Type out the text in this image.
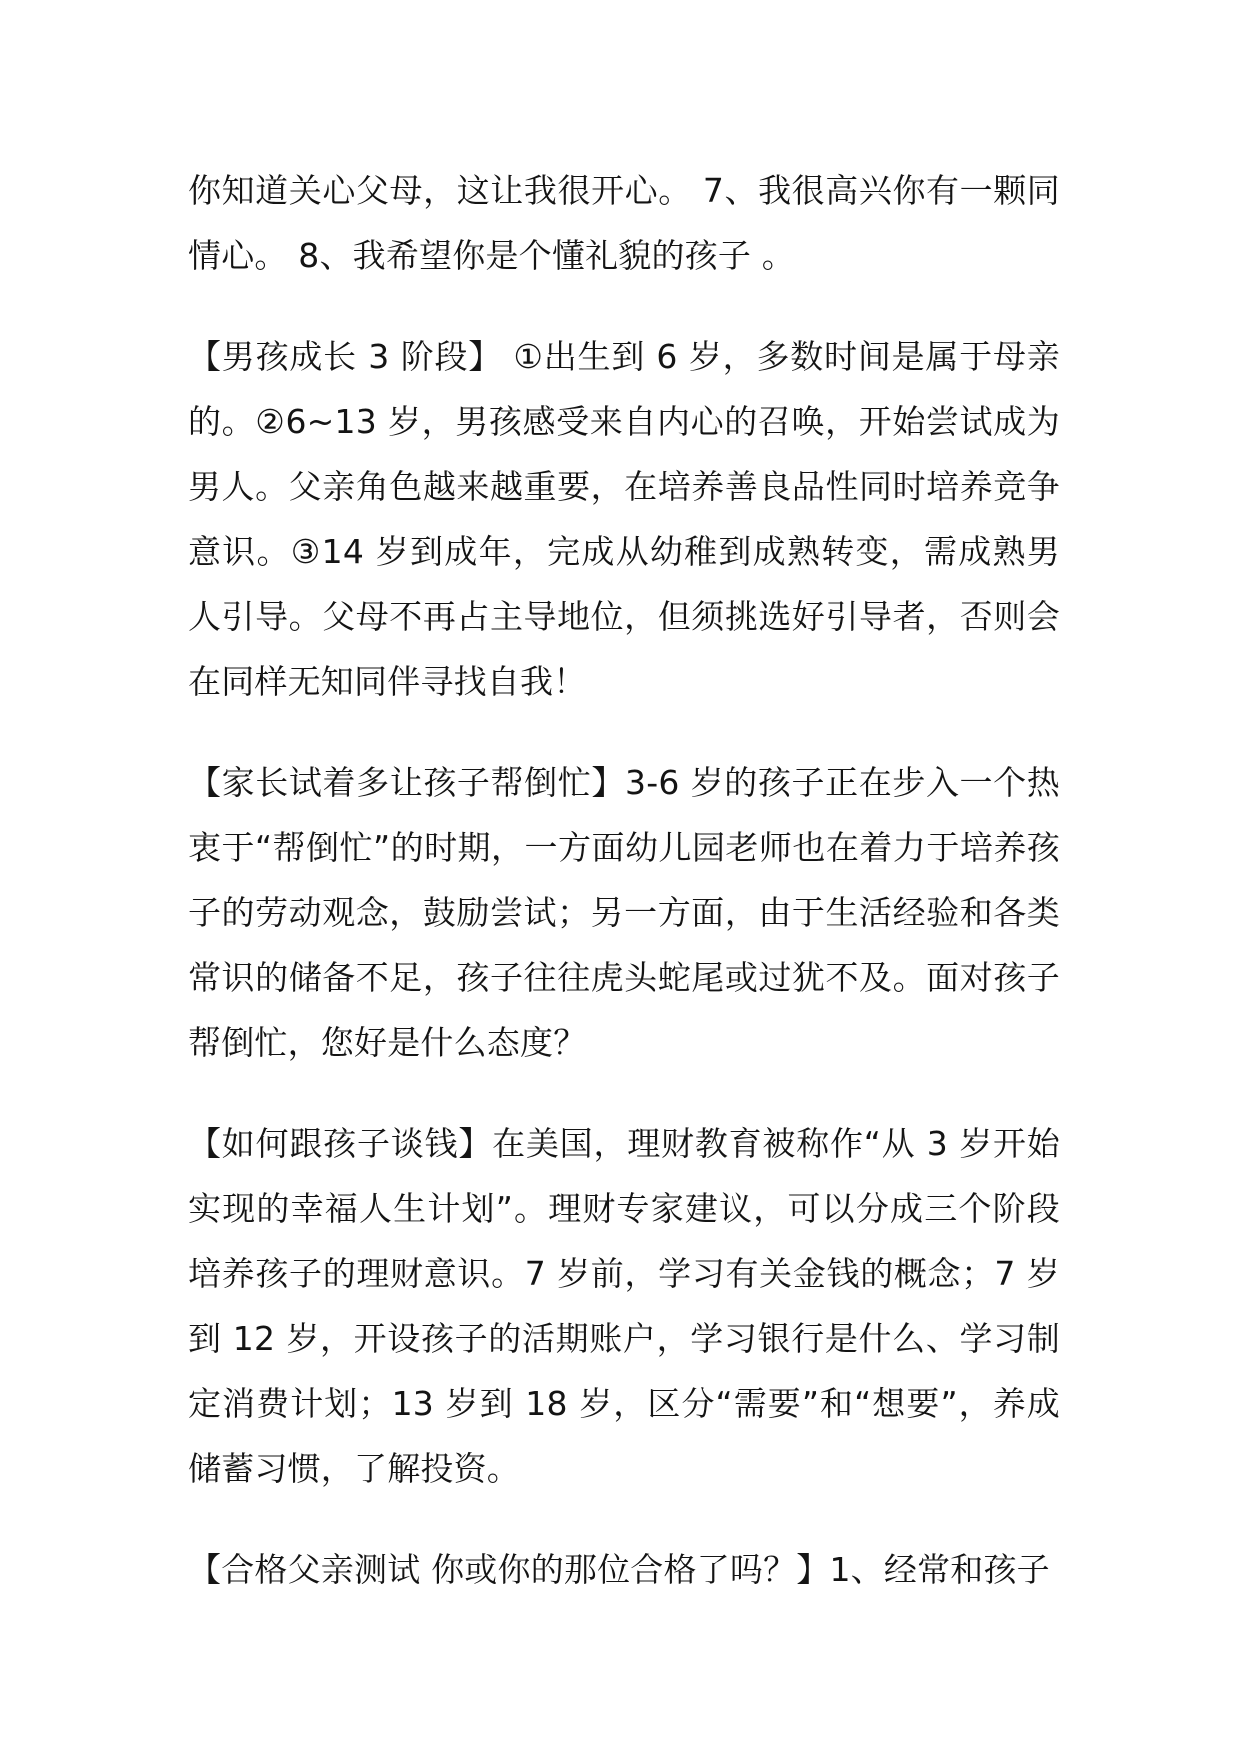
你知道关心父母，这让我很开心。 7、我很高兴你有一颗同情心。 8、我希望你是个懂礼貌的孩子 。

【男孩成长 3 阶段】 ①出生到 6 岁，多数时间是属于母亲的。②6~13 岁，男孩感受来自内心的召唤，开始尝试成为男人。父亲角色越来越重要，在培养善良品性同时培养竞争意识。③14 岁到成年，完成从幼稚到成熟转变，需成熟男人引导。父母不再占主导地位，但须挑选好引导者，否则会在同样无知同伴寻找自我！

【家长试着多让孩子帮倒忙】3-6 岁的孩子正在步入一个热衷于“帮倒忙”的时期，一方面幼儿园老师也在着力于培养孩子的劳动观念，鼓励尝试；另一方面，由于生活经验和各类常识的储备不足，孩子往往虎头蛇尾或过犹不及。面对孩子帮倒忙，您好是什么态度？

【如何跟孩子谈钱】在美国，理财教育被称作“从 3 岁开始实现的幸福人生计划”。理财专家建议，可以分成三个阶段培养孩子的理财意识。7 岁前，学习有关金钱的概念；7 岁到 12 岁，开设孩子的活期账户，学习银行是什么、学习制定消费计划；13 岁到 18 岁，区分“需要”和“想要”，养成储蓄习惯，了解投资。

【合格父亲测试 你或你的那位合格了吗？】1、经常和孩子
